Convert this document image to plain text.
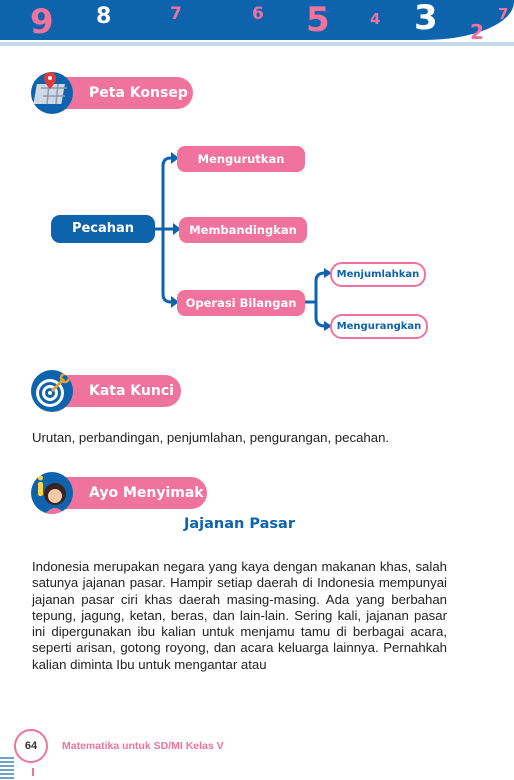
9 8	7	6 5	4 3 2
7
Peta Konsep
Pecahan
Mengurutkan
Membandingkan
Operasi Bilangan
Menjumlahkan
Mengurangkan
Kata Kunci
Urutan, perbandingan, penjumlahan, pengurangan, pecahan.
Ayo Menyimak
Jajanan Pasar
Indonesia merupakan negara yang kaya dengan makanan khas, salah satunya jajanan pasar. Hampir setiap daerah di Indonesia mempunyai jajanan pasar ciri khas daerah masing-masing. Ada yang berbahan tepung, jagung, ketan, beras, dan lain-lain. Sering kali, jajanan pasar ini dipergunakan ibu kalian untuk menjamu tamu di berbagai acara, seperti arisan, gotong royong, dan acara keluarga lainnya. Pernahkah kalian diminta Ibu untuk mengantar atau
64	Matematika untuk SD/MI Kelas V
